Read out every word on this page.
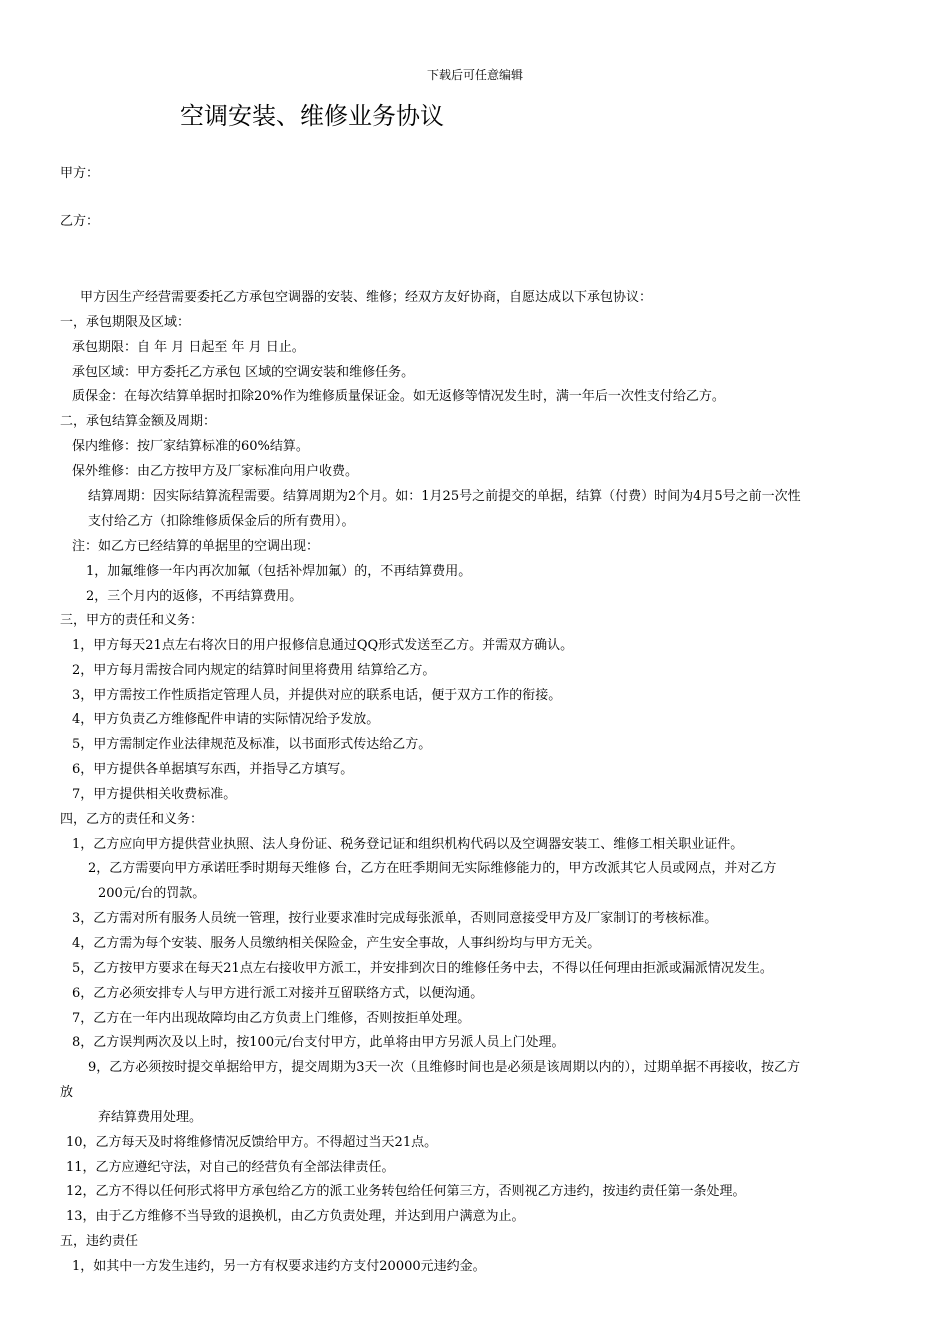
下载后可任意编辑
空调安装、维修业务协议
甲方：
乙方：
甲方因生产经营需要委托乙方承包空调器的安装、维修；经双方友好协商，自愿达成以下承包协议：
一，承包期限及区域：
承包期限：自 年 月 日起至 年 月 日止。
承包区域：甲方委托乙方承包 区域的空调安装和维修任务。
质保金：在每次结算单据时扣除20%作为维修质量保证金。如无返修等情况发生时，满一年后一次性支付给乙方。
二，承包结算金额及周期：
保内维修：按厂家结算标准的60%结算。
保外维修：由乙方按甲方及厂家标准向用户收费。
结算周期：因实际结算流程需要。结算周期为2个月。如：1月25号之前提交的单据，结算（付费）时间为4月5号之前一次性
支付给乙方（扣除维修质保金后的所有费用）。
注：如乙方已经结算的单据里的空调出现：
1，加氟维修一年内再次加氟（包括补焊加氟）的，不再结算费用。
2，三个月内的返修，不再结算费用。
三，甲方的责任和义务：
1，甲方每天21点左右将次日的用户报修信息通过QQ形式发送至乙方。并需双方确认。
2，甲方每月需按合同内规定的结算时间里将费用 结算给乙方。
3，甲方需按工作性质指定管理人员，并提供对应的联系电话，便于双方工作的衔接。
4，甲方负责乙方维修配件申请的实际情况给予发放。
5，甲方需制定作业法律规范及标准，以书面形式传达给乙方。
6，甲方提供各单据填写东西，并指导乙方填写。
7，甲方提供相关收费标准。
四，乙方的责任和义务：
1，乙方应向甲方提供营业执照、法人身份证、税务登记证和组织机构代码以及空调器安装工、维修工相关职业证件。
2，乙方需要向甲方承诺旺季时期每天维修 台，乙方在旺季期间无实际维修能力的，甲方改派其它人员或网点，并对乙方
200元/台的罚款。
3，乙方需对所有服务人员统一管理，按行业要求准时完成每张派单，否则同意接受甲方及厂家制订的考核标准。
4，乙方需为每个安装、服务人员缴纳相关保险金，产生安全事故，人事纠纷均与甲方无关。
5，乙方按甲方要求在每天21点左右接收甲方派工，并安排到次日的维修任务中去，不得以任何理由拒派或漏派情况发生。
6，乙方必须安排专人与甲方进行派工对接并互留联络方式，以便沟通。
7，乙方在一年内出现故障均由乙方负责上门维修，否则按拒单处理。
8，乙方误判两次及以上时，按100元/台支付甲方，此单将由甲方另派人员上门处理。
9，乙方必须按时提交单据给甲方，提交周期为3天一次（且维修时间也是必须是该周期以内的），过期单据不再接收，按乙方
放
弃结算费用处理。
10，乙方每天及时将维修情况反馈给甲方。不得超过当天21点。
11，乙方应遵纪守法，对自己的经营负有全部法律责任。
12，乙方不得以任何形式将甲方承包给乙方的派工业务转包给任何第三方，否则视乙方违约，按违约责任第一条处理。
13，由于乙方维修不当导致的退换机，由乙方负责处理，并达到用户满意为止。
五，违约责任
1，如其中一方发生违约，另一方有权要求违约方支付20000元违约金。
